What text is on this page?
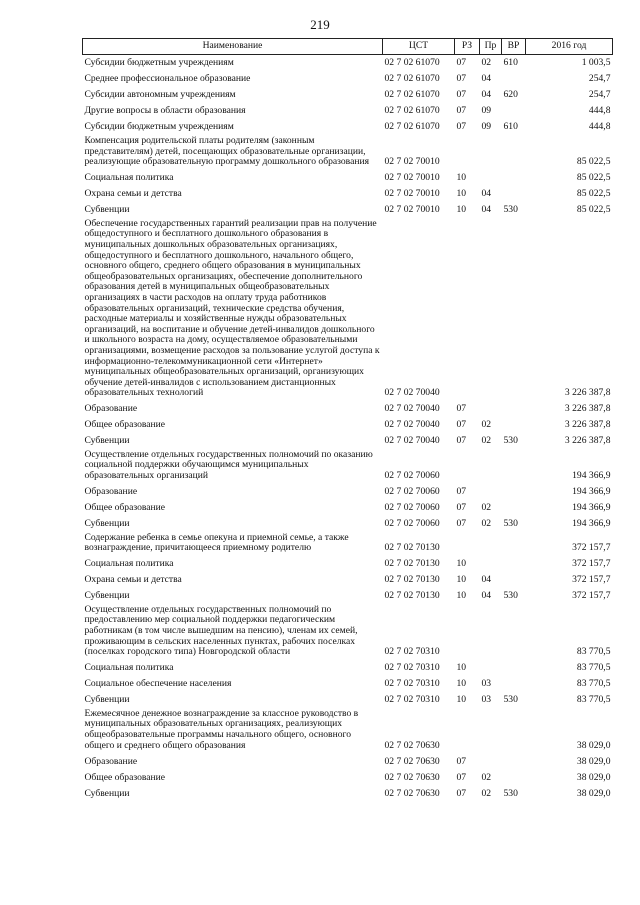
219
Наименование	ЦСТ	РЗ	Пр	ВР	2016 год
Субсидии бюджетным учреждениям	02 7 02 61070	07	02	610	1 003,5
Среднее профессиональное образование	02 7 02 61070	07	04		254,7
Субсидии автономным учреждениям	02 7 02 61070	07	04	620	254,7
Другие вопросы в области образования	02 7 02 61070	07	09		444,8
Субсидии бюджетным учреждениям	02 7 02 61070	07	09	610	444,8
Компенсация родительской платы родителям (законным представителям) детей, посещающих образовательные организации, реализующие образовательную программу дошкольного образования	02 7 02 70010				85 022,5
Социальная политика	02 7 02 70010	10			85 022,5
Охрана семьи и детства	02 7 02 70010	10	04		85 022,5
Субвенции	02 7 02 70010	10	04	530	85 022,5
Обеспечение государственных гарантий реализации прав на получение общедоступного и бесплатного дошкольного образования в муниципальных дошкольных образовательных организациях, общедоступного и бесплатного дошкольного, начального общего, основного общего, среднего общего образования в муниципальных общеобразовательных организациях, обеспечение дополнительного образования детей в муниципальных общеобразовательных организациях в части расходов на оплату труда работников образовательных организаций, технические средства обучения, расходные материалы и хозяйственные нужды образовательных организаций, на воспитание и обучение детей-инвалидов дошкольного и школьного возраста на дому, осуществляемое образовательными организациями, возмещение расходов за пользование услугой доступа к информационно-телекоммуникационной сети «Интернет» муниципальных общеобразовательных организаций, организующих обучение детей-инвалидов с использованием дистанционных образовательных технологий	02 7 02 70040				3 226 387,8
Образование	02 7 02 70040	07			3 226 387,8
Общее образование	02 7 02 70040	07	02		3 226 387,8
Субвенции	02 7 02 70040	07	02	530	3 226 387,8
Осуществление отдельных государственных полномочий по оказанию социальной поддержки обучающимся муниципальных образовательных организаций	02 7 02 70060				194 366,9
Образование	02 7 02 70060	07			194 366,9
Общее образование	02 7 02 70060	07	02		194 366,9
Субвенции	02 7 02 70060	07	02	530	194 366,9
Содержание ребенка в семье опекуна и приемной семье, а также вознаграждение, причитающееся приемному родителю	02 7 02 70130				372 157,7
Социальная политика	02 7 02 70130	10			372 157,7
Охрана семьи и детства	02 7 02 70130	10	04		372 157,7
Субвенции	02 7 02 70130	10	04	530	372 157,7
Осуществление отдельных государственных полномочий по предоставлению мер социальной поддержки педагогическим работникам (в том числе вышедшим на пенсию), членам их семей, проживающим в сельских населенных пунктах, рабочих поселках (поселках городского типа) Новгородской области	02 7 02 70310				83 770,5
Социальная политика	02 7 02 70310	10			83 770,5
Социальное обеспечение населения	02 7 02 70310	10	03		83 770,5
Субвенции	02 7 02 70310	10	03	530	83 770,5
Ежемесячное денежное вознаграждение за классное руководство в муниципальных образовательных организациях, реализующих общеобразовательные программы начального общего, основного общего и среднего общего образования	02 7 02 70630				38 029,0
Образование	02 7 02 70630	07			38 029,0
Общее образование	02 7 02 70630	07	02		38 029,0
Субвенции	02 7 02 70630	07	02	530	38 029,0
